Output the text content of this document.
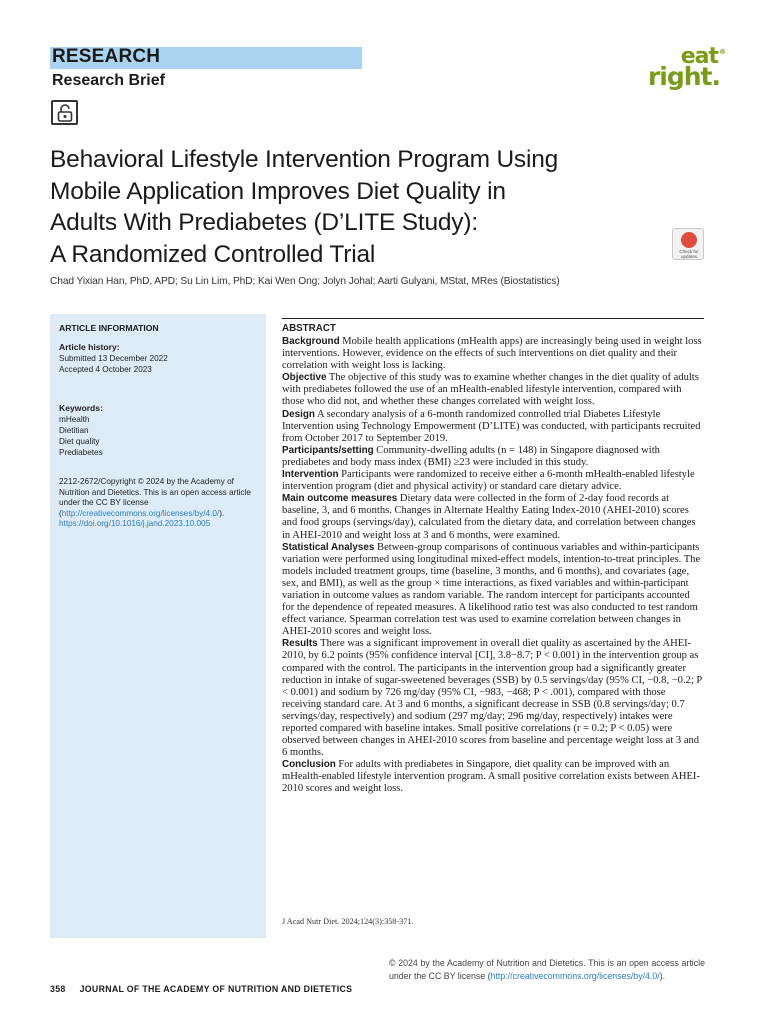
RESEARCH
Research Brief
eat ®
right.
Behavioral Lifestyle Intervention Program Using
Mobile Application Improves Diet Quality in
Adults With Prediabetes (D’LITE Study):
A Randomized Controlled Trial	Check for updates
Chad Yixian Han, PhD, APD; Su Lin Lim, PhD; Kai Wen Ong; Jolyn Johal; Aarti Gulyani, MStat, MRes (Biostatistics)
ARTICLE INFORMATION
Article history:
Submitted 13 December 2022
Accepted 4 October 2023
Keywords:
mHealth
Dietitian
Diet quality
Prediabetes
2212-2672/Copyright © 2024 by the Academy of Nutrition and Dietetics. This is an open access article under the CC BY license (http://creativecommons.org/licenses/by/4.0/).
https://doi.org/10.1016/j.jand.2023.10.005
ABSTRACT

Background Mobile health applications (mHealth apps) are increasingly being used in weight loss interventions. However, evidence on the effects of such interventions on diet quality and their correlation with weight loss is lacking.

Objective The objective of this study was to examine whether changes in the diet quality of adults with prediabetes followed the use of an mHealth-enabled lifestyle intervention, compared with those who did not, and whether these changes correlated with weight loss.

Design A secondary analysis of a 6-month randomized controlled trial Diabetes Lifestyle Intervention using Technology Empowerment (D’LITE) was conducted, with participants recruited from October 2017 to September 2019.

Participants/setting Community-dwelling adults (n = 148) in Singapore diagnosed with prediabetes and body mass index (BMI) ≥23 were included in this study.

Intervention Participants were randomized to receive either a 6-month mHealth-enabled lifestyle intervention program (diet and physical activity) or standard care dietary advice.

Main outcome measures Dietary data were collected in the form of 2-day food records at baseline, 3, and 6 months. Changes in Alternate Healthy Eating Index-2010 (AHEI-2010) scores and food groups (servings/day), calculated from the dietary data, and correlation between changes in AHEI-2010 and weight loss at 3 and 6 months, were examined.

Statistical Analyses Between-group comparisons of continuous variables and within-participants variation were performed using longitudinal mixed-effect models, intention-to-treat principles. The models included treatment groups, time (baseline, 3 months, and 6 months), and covariates (age, sex, and BMI), as well as the group × time interactions, as fixed variables and within-participant variation in outcome values as random variable. The random intercept for participants accounted for the dependence of repeated measures. A likelihood ratio test was also conducted to test random effect variance. Spearman correlation test was used to examine correlation between changes in AHEI-2010 scores and weight loss.

Results There was a significant improvement in overall diet quality as ascertained by the AHEI-2010, by 6.2 points (95% confidence interval [CI], 3.8−8.7; P < 0.001) in the intervention group as compared with the control. The participants in the intervention group had a significantly greater reduction in intake of sugar-sweetened beverages (SSB) by 0.5 servings/day (95% CI, −0.8, −0.2; P < 0.001) and sodium by 726 mg/day (95% CI, −983, −468; P < .001), compared with those receiving standard care. At 3 and 6 months, a significant decrease in SSB (0.8 servings/day; 0.7 servings/day, respectively) and sodium (297 mg/day; 296 mg/day, respectively) intakes were reported compared with baseline intakes. Small positive correlations (r = 0.2; P < 0.05) were observed between changes in AHEI-2010 scores from baseline and percentage weight loss at 3 and 6 months.

Conclusion For adults with prediabetes in Singapore, diet quality can be improved with an mHealth-enabled lifestyle intervention program. A small positive correlation exists between AHEI-2010 scores and weight loss.

J Acad Nutr Diet. 2024;124(3):358-371.
358 JOURNAL OF THE ACADEMY OF NUTRITION AND DIETETICS
© 2024 by the Academy of Nutrition and Dietetics. This is an open access article under the CC BY license (http://creativecommons.org/licenses/by/4.0/).
